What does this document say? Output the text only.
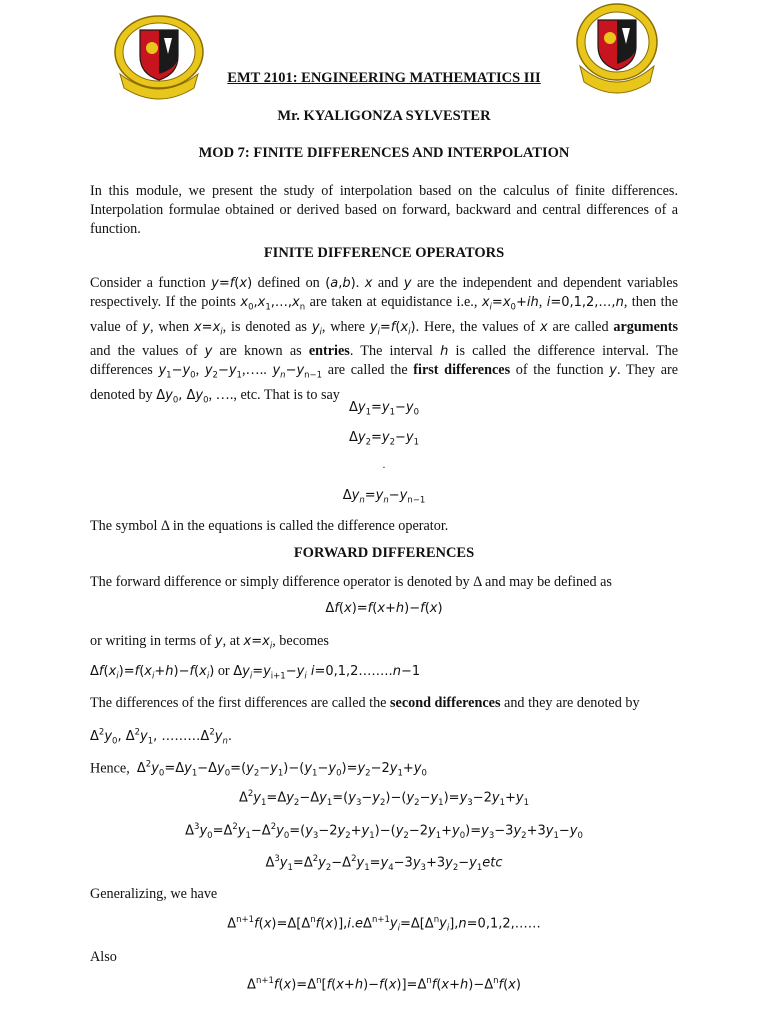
EMT 2101: ENGINEERING MATHEMATICS III
Mr. KYALIGONZA SYLVESTER
MOD 7: FINITE DIFFERENCES AND INTERPOLATION
In this module, we present the study of interpolation based on the calculus of finite differences. Interpolation formulae obtained or derived based on forward, backward and central differences of a function.
FINITE DIFFERENCE OPERATORS
Consider a function y=f(x) defined on (a,b). x and y are the independent and dependent variables respectively. If the points $x_0,x_1,\dots,x_n$ are taken at equidistance i.e., $x_i=x_0+ih$, i=0,1,2,…,n, then the value of y, when $x=x_i$, is denoted as $y_i$, where $y_i=f(x_i)$. Here, the values of x are called arguments and the values of y are known as entries. The interval h is called the difference interval. The differences $y_1-y_0$, $y_2-y_1,\dots$.. $y_n-y_{n-1}$ are called the first differences of the function y. They are denoted by $\Delta y_0$, $\Delta y_0$, …., etc. That is to say
$\Delta y_1=y_1-y_0$
$\Delta y_2=y_2-y_1$
.
$\Delta y_n=y_n-y_{n-1}$
The symbol Δ in the equations is called the difference operator.
FORWARD DIFFERENCES
The forward difference or simply difference operator is denoted by Δ and may be defined as
Δf(x)=f(x+h)−f(x)
or writing in terms of y, at $x=x_i$, becomes
$\Delta f(x_i)=f(x_i+h)-f(x_i)$ or $\Delta y_i=y_{i+1}-y_i$ i=0,1,2……..n−1
The differences of the first differences are called the second differences and they are denoted by
$\Delta^2y_0$, $\Delta^2y_1$, $\dots\dots\dots\Delta^2y_n$.
Hence, $\Delta^2y_0=\Delta y_1-\Delta y_0=(y_2-y_1)-(y_1-y_0)=y_2-2y_1+y_0$
$\Delta^2y_1=\Delta y_2-\Delta y_1=(y_3-y_2)-(y_2-y_1)=y_3-2y_1+y_1$
$\Delta^3y_0=\Delta^2y_1-\Delta^2y_0=(y_3-2y_2+y_1)-(y_2-2y_1+y_0)=y_3-3y_2+3y_1-y_0$
$\Delta^3y_1=\Delta^2y_2-\Delta^2y_1=y_4-3y_3+3y_2-y_1etc$
Generalizing, we have
$\Delta^{n+1}f(x)=\Delta[\Delta^nf(x)],i.e\Delta^{n+1}y_i=\Delta[\Delta^ny_i],n=0,1,2,\dots\dots$
Also
$\Delta^{n+1}f(x)=\Delta^n[f(x+h)-f(x)]=\Delta^nf(x+h)-\Delta^nf(x)$
